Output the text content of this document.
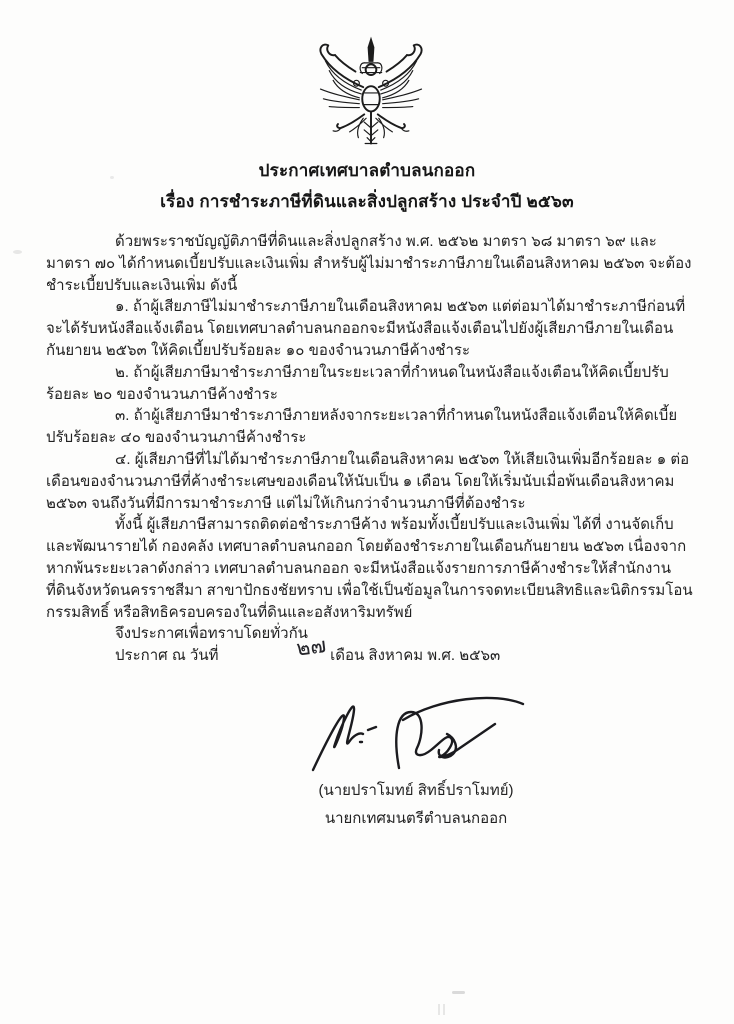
ประกาศเทศบาลตำบลนกออก
เรื่อง การชำระภาษีที่ดินและสิ่งปลูกสร้าง ประจำปี ๒๕๖๓

ด้วยพระราชบัญญัติภาษีที่ดินและสิ่งปลูกสร้าง พ.ศ. ๒๕๖๒ มาตรา ๖๘ มาตรา ๖๙ และมาตรา ๗๐ ได้กำหนดเบี้ยปรับและเงินเพิ่ม สำหรับผู้ไม่มาชำระภาษีภายในเดือนสิงหาคม ๒๕๖๓ จะต้องชำระเบี้ยปรับและเงินเพิ่ม ดังนี้

๑. ถ้าผู้เสียภาษีไม่มาชำระภาษีภายในเดือนสิงหาคม ๒๕๖๓ แต่ต่อมาได้มาชำระภาษีก่อนที่จะได้รับหนังสือแจ้งเตือน โดยเทศบาลตำบลนกออกจะมีหนังสือแจ้งเตือนไปยังผู้เสียภาษีภายในเดือนกันยายน ๒๕๖๓ ให้คิดเบี้ยปรับร้อยละ ๑๐ ของจำนวนภาษีค้างชำระ

๒. ถ้าผู้เสียภาษีมาชำระภาษีภายในระยะเวลาที่กำหนดในหนังสือแจ้งเตือนให้คิดเบี้ยปรับร้อยละ ๒๐ ของจำนวนภาษีค้างชำระ

๓. ถ้าผู้เสียภาษีมาชำระภาษีภายหลังจากระยะเวลาที่กำหนดในหนังสือแจ้งเตือนให้คิดเบี้ยปรับร้อยละ ๔๐ ของจำนวนภาษีค้างชำระ

๔. ผู้เสียภาษีที่ไม่ได้มาชำระภาษีภายในเดือนสิงหาคม ๒๕๖๓ ให้เสียเงินเพิ่มอีกร้อยละ ๑ ต่อเดือนของจำนวนภาษีที่ค้างชำระเศษของเดือนให้นับเป็น ๑ เดือน โดยให้เริ่มนับเมื่อพ้นเดือนสิงหาคม ๒๕๖๓ จนถึงวันที่มีการมาชำระภาษี แต่ไม่ให้เกินกว่าจำนวนภาษีที่ต้องชำระ

ทั้งนี้ ผู้เสียภาษีสามารถติดต่อชำระภาษีค้าง พร้อมทั้งเบี้ยปรับและเงินเพิ่ม ได้ที่ งานจัดเก็บและพัฒนารายได้ กองคลัง เทศบาลตำบลนกออก โดยต้องชำระภายในเดือนกันยายน ๒๕๖๓ เนื่องจากหากพ้นระยะเวลาดังกล่าว เทศบาลตำบลนกออก จะมีหนังสือแจ้งรายการภาษีค้างชำระให้สำนักงานที่ดินจังหวัดนครราชสีมา สาขาปักธงชัยทราบ เพื่อใช้เป็นข้อมูลในการจดทะเบียนสิทธิและนิติกรรมโอนกรรมสิทธิ์ หรือสิทธิครอบครองในที่ดินและอสังหาริมทรัพย์

จึงประกาศเพื่อทราบโดยทั่วกัน

ประกาศ ณ วันที่	๒๗ เดือน สิงหาคม พ.ศ. ๒๕๖๓

(นายปราโมทย์ สิทธิ์ปราโมทย์)
นายกเทศมนตรีตำบลนกออก
